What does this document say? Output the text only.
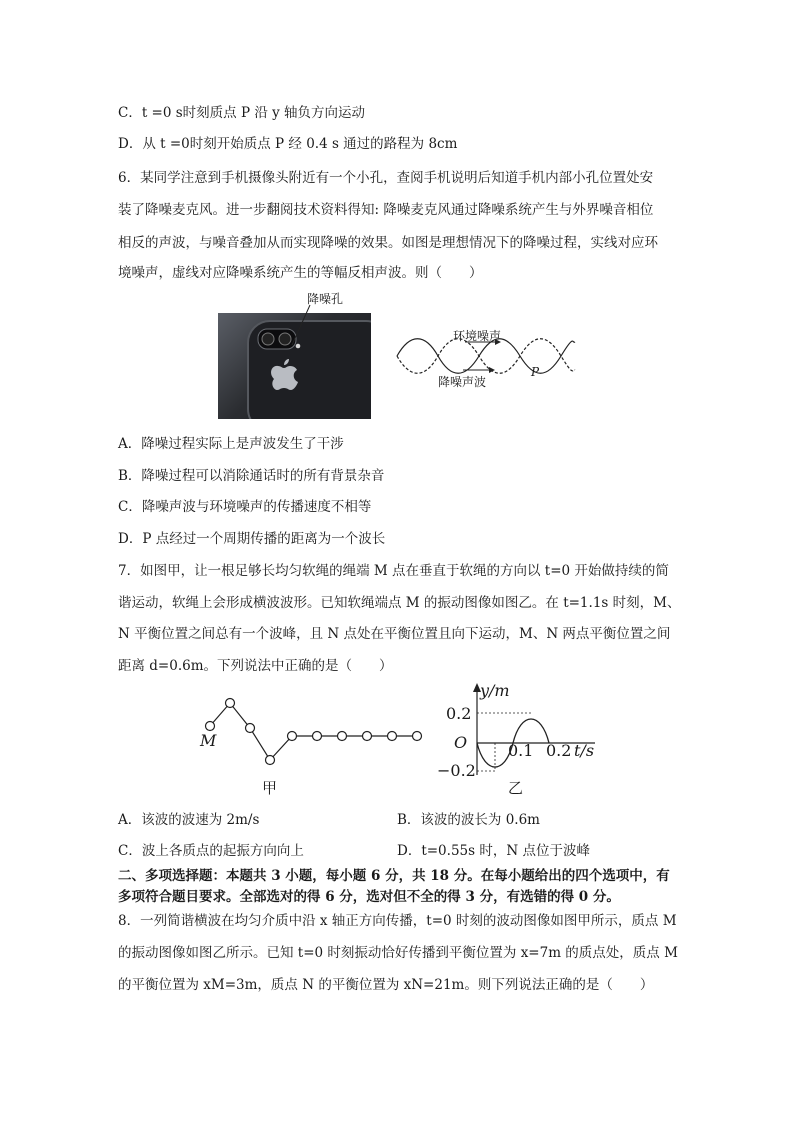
C．t =0 s时刻质点 P 沿 y 轴负方向运动
D．从 t =0时刻开始质点 P 经 0.4 s 通过的路程为 8cm
6．某同学注意到手机摄像头附近有一个小孔，查阅手机说明后知道手机内部小孔位置处安
装了降噪麦克风。进一步翻阅技术资料得知: 降噪麦克风通过降噪系统产生与外界噪音相位
相反的声波，与噪音叠加从而实现降噪的效果。如图是理想情况下的降噪过程，实线对应环
境噪声，虚线对应降噪系统产生的等幅反相声波。则（　　）
降噪孔
环境噪声
降噪声波
P
A．降噪过程实际上是声波发生了干涉
B．降噪过程可以消除通话时的所有背景杂音
C．降噪声波与环境噪声的传播速度不相等
D．P 点经过一个周期传播的距离为一个波长
7．如图甲，让一根足够长均匀软绳的绳端 M 点在垂直于软绳的方向以 t=0 开始做持续的简
谐运动，软绳上会形成横波波形。已知软绳端点 M 的振动图像如图乙。在 t=1.1s 时刻，M、
N 平衡位置之间总有一个波峰，且 N 点处在平衡位置且向下运动，M、N 两点平衡位置之间
距离 d=0.6m。下列说法中正确的是（　　）
M
甲
y/m
0.2
O	0.1 0.2 t/s
−0.2
乙
A．该波的波速为 2m/s	B．该波的波长为 0.6m
C．波上各质点的起振方向向上	D．t=0.55s 时，N 点位于波峰
二、多项选择题：本题共 3 小题，每小题 6 分，共 18 分。在每小题给出的四个选项中，有
多项符合题目要求。全部选对的得 6 分，选对但不全的得 3 分，有选错的得 0 分。
8．一列简谐横波在均匀介质中沿 x 轴正方向传播，t=0 时刻的波动图像如图甲所示，质点 M
的振动图像如图乙所示。已知 t=0 时刻振动恰好传播到平衡位置为 x=7m 的质点处，质点 M
的平衡位置为 xM=3m，质点 N 的平衡位置为 xN=21m。则下列说法正确的是（　　）
